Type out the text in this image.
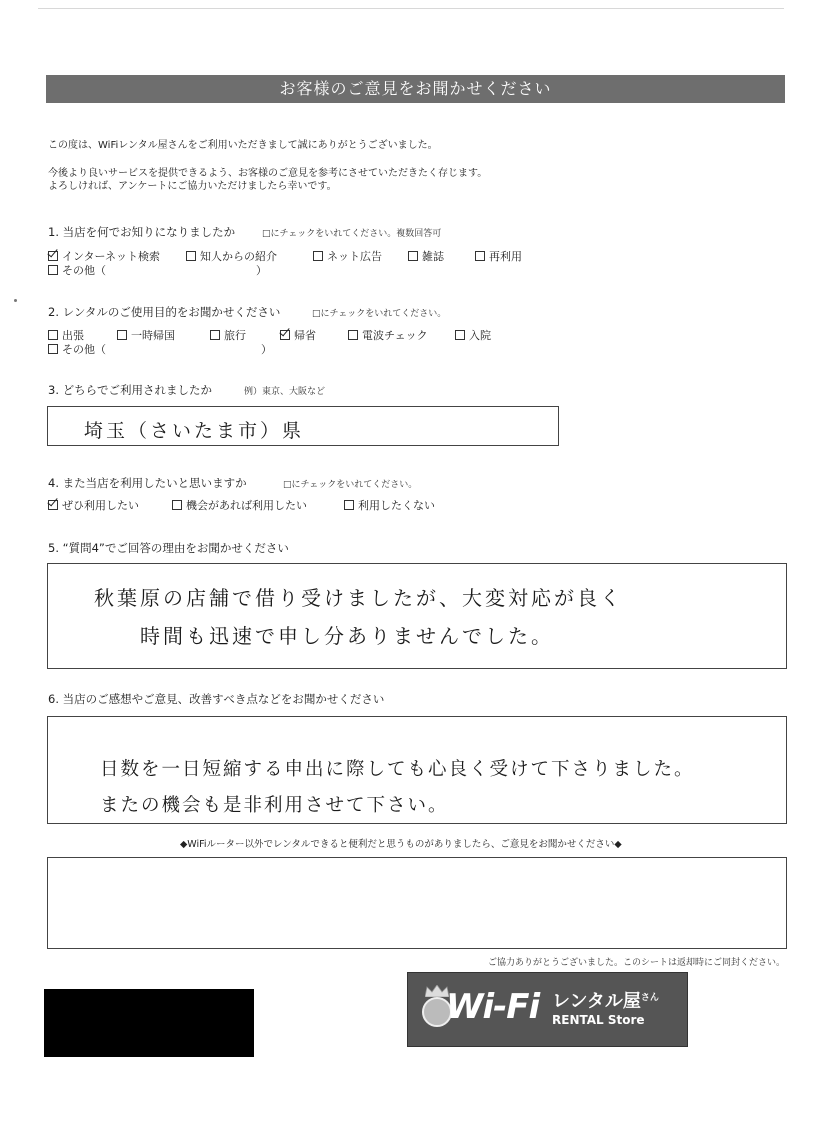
お客様のご意見をお聞かせください
この度は、WiFiレンタル屋さんをご利用いただきまして誠にありがとうございました。
今後より良いサービスを提供できるよう、お客様のご意見を参考にさせていただきたく存じます。
よろしければ、アンケートにご協力いただけましたら幸いです。
1. 当店を何でお知りになりましたか	□にチェックをいれてください。複数回答可
インターネット検索	知人からの紹介	ネット広告	雑誌	再利用
その他（	）
2. レンタルのご使用目的をお聞かせください	□にチェックをいれてください。
出張	一時帰国	旅行	帰省	電波チェック	入院
その他（	）
3. どちらでご利用されましたか	例）東京、大阪など
埼玉（さいたま市）県
4. また当店を利用したいと思いますか	□にチェックをいれてください。
ぜひ利用したい	機会があれば利用したい	利用したくない
5. “質問4”でご回答の理由をお聞かせください
秋葉原の店舗で借り受けましたが、大変対応が良く
時間も迅速で申し分ありませんでした。
6. 当店のご感想やご意見、改善すべき点などをお聞かせください
日数を一日短縮する申出に際しても心良く受けて下さりました。
またの機会も是非利用させて下さい。
◆WiFiルーター以外でレンタルできると便利だと思うものがありましたら、ご意見をお聞かせください◆
ご協力ありがとうございました。このシートは返却時にご同封ください。
Wi-Fi レンタル屋$^{さん}$
RENTAL Store
